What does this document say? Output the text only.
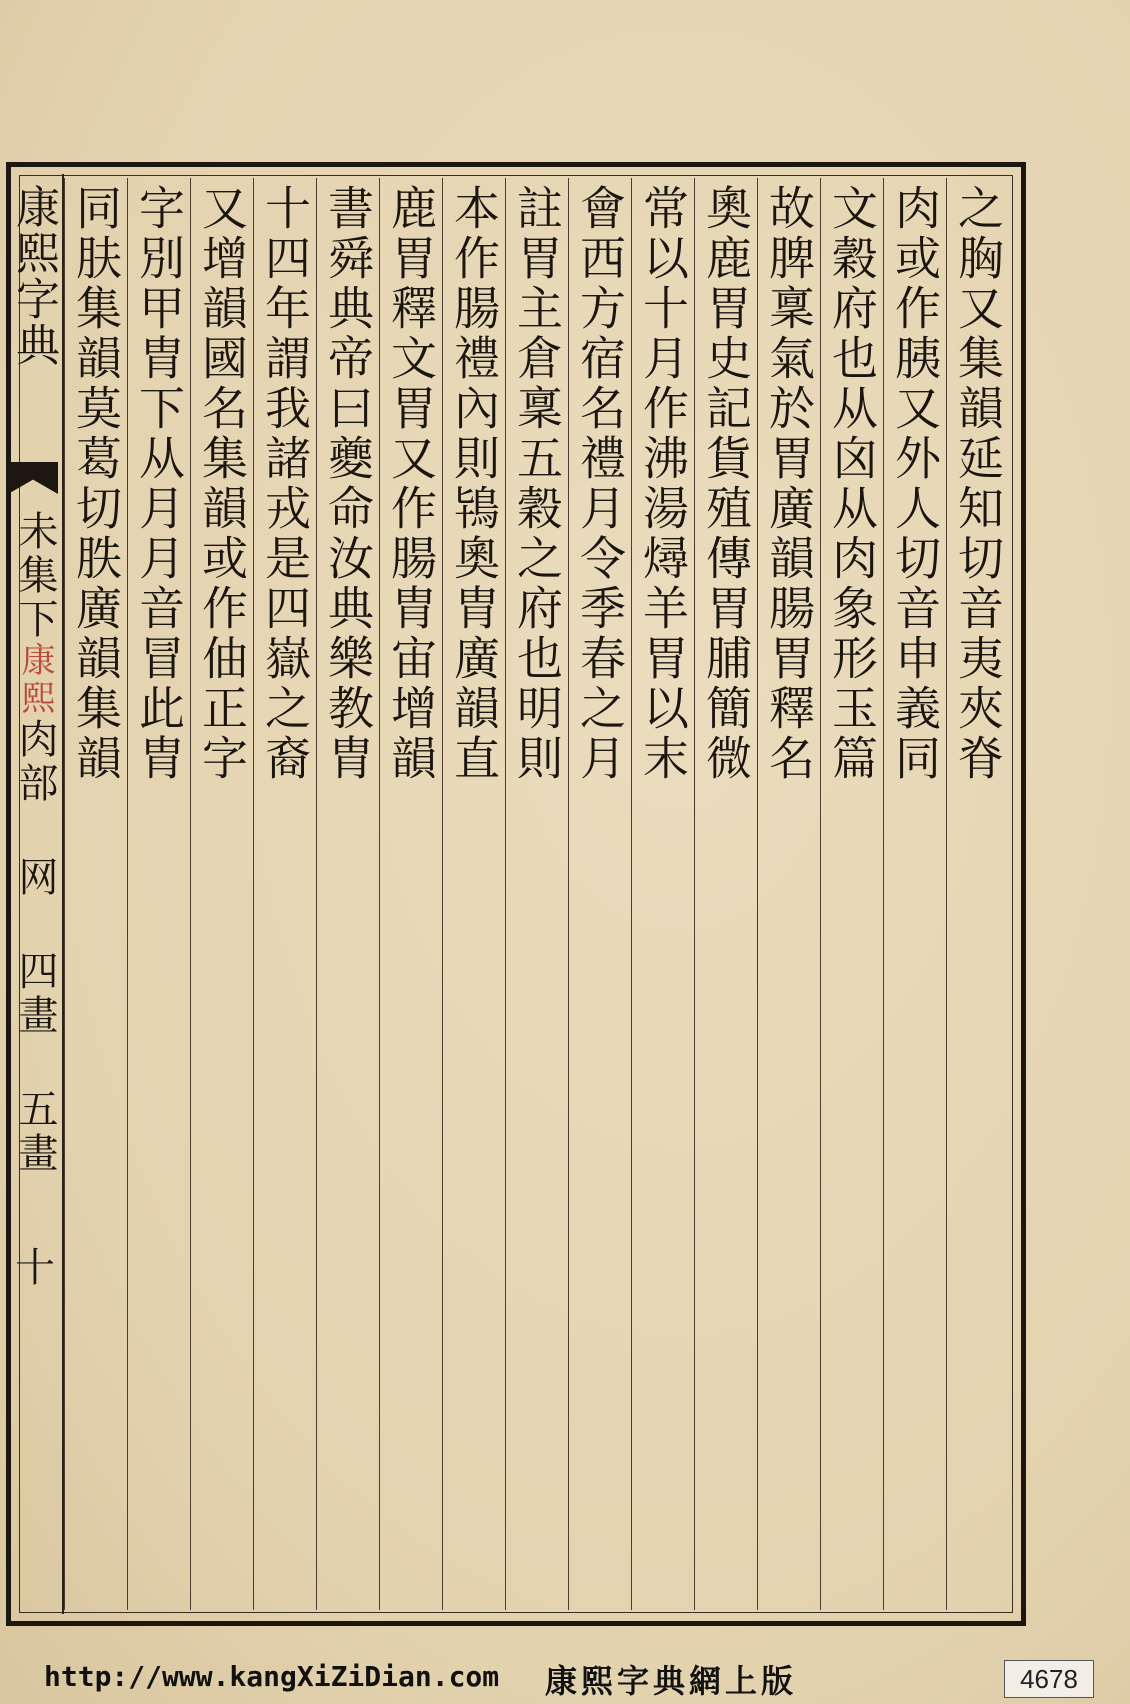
康熙字典
未集下康熙肉部 网 四畫 五畫
十
之胸又集韻延知切音夷夾脊
肉或作胰又外人切音申義同
文穀府也从囟从肉象形玉篇
故脾稟氣於胃廣韻腸胃釋名
奧鹿胃史記貨殖傳胃脯簡微
常以十月作沸湯燖羊胃以末
會西方宿名禮月令季春之月
註胃主倉稟五穀之府也明則
本作腸禮內則鴇奧胄廣韻直
鹿胃釋文胃又作腸胄宙增韻
書舜典帝曰夔命汝典樂教胄
十四年謂我諸戎是四嶽之裔
又增韻國名集韻或作伷正字
字別甲胄下从月月音冒此胄
同肤集韻莫葛切胅廣韻集韻
http://www.kangXiZiDian.com 康熙字典網上版	4678
